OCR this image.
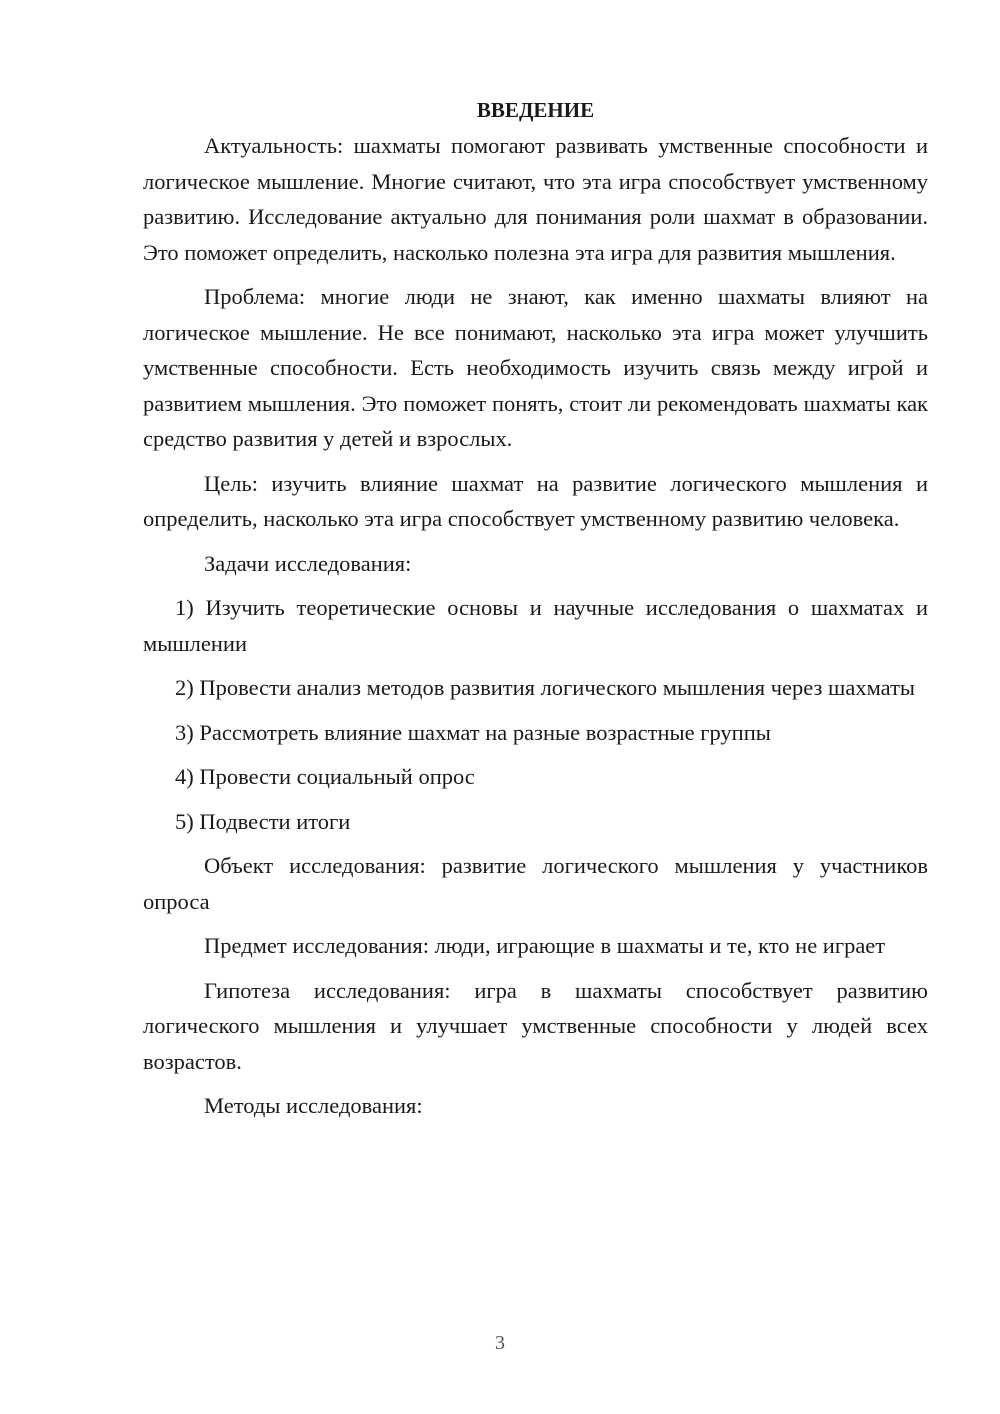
ВВЕДЕНИЕ

Актуальность: шахматы помогают развивать умственные способности и логическое мышление. Многие считают, что эта игра способствует умственному развитию. Исследование актуально для понимания роли шахмат в образовании. Это поможет определить, насколько полезна эта игра для развития мышления.

Проблема: многие люди не знают, как именно шахматы влияют на логическое мышление. Не все понимают, насколько эта игра может улучшить умственные способности. Есть необходимость изучить связь между игрой и развитием мышления. Это поможет понять, стоит ли рекомендовать шахматы как средство развития у детей и взрослых.

Цель: изучить влияние шахмат на развитие логического мышления и определить, насколько эта игра способствует умственному развитию человека.

Задачи исследования:

1) Изучить теоретические основы и научные исследования о шахматах и мышлении

2) Провести анализ методов развития логического мышления через шахматы

3) Рассмотреть влияние шахмат на разные возрастные группы

4) Провести социальный опрос

5) Подвести итоги

Объект исследования: развитие логического мышления у участников опроса

Предмет исследования: люди, играющие в шахматы и те, кто не играет

Гипотеза исследования: игра в шахматы способствует развитию логического мышления и улучшает умственные способности у людей всех возрастов.

Методы исследования:

3
